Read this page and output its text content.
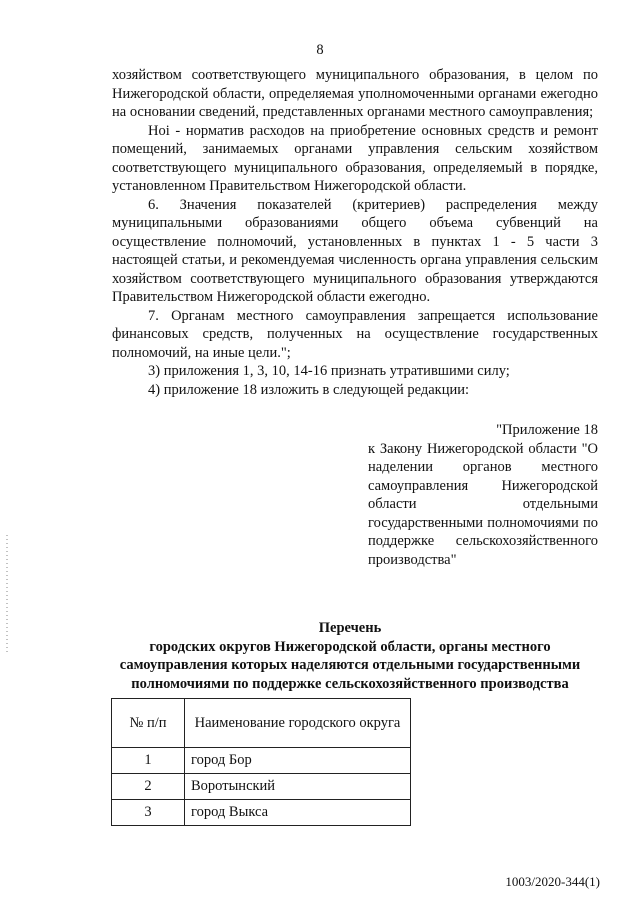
8

хозяйством соответствующего муниципального образования, в целом по Нижегородской области, определяемая уполномоченными органами ежегодно на основании сведений, представленных органами местного самоуправления;

Hoi - норматив расходов на приобретение основных средств и ремонт помещений, занимаемых органами управления сельским хозяйством соответствующего муниципального образования, определяемый в порядке, установленном Правительством Нижегородской области.

6. Значения показателей (критериев) распределения между муниципальными образованиями общего объема субвенций на осуществление полномочий, установленных в пунктах 1 - 5 части 3 настоящей статьи, и рекомендуемая численность органа управления сельским хозяйством соответствующего муниципального образования утверждаются Правительством Нижегородской области ежегодно.

7. Органам местного самоуправления запрещается использование финансовых средств, полученных на осуществление государственных полномочий, на иные цели.";

3) приложения 1, 3, 10, 14-16 признать утратившими силу;

4) приложение 18 изложить в следующей редакции:

"Приложение 18

к Закону Нижегородской области "О наделении органов местного самоуправления Нижегородской области отдельными государственными полномочиями по поддержке сельскохозяйственного производства"

Перечень
городских округов Нижегородской области, органы местного самоуправления которых наделяются отдельными государственными полномочиями по поддержке сельскохозяйственного производства
№ п/п	Наименование городского округа
1	город Бор
2	Воротынский
3	город Выкса
1003/2020-344(1)
